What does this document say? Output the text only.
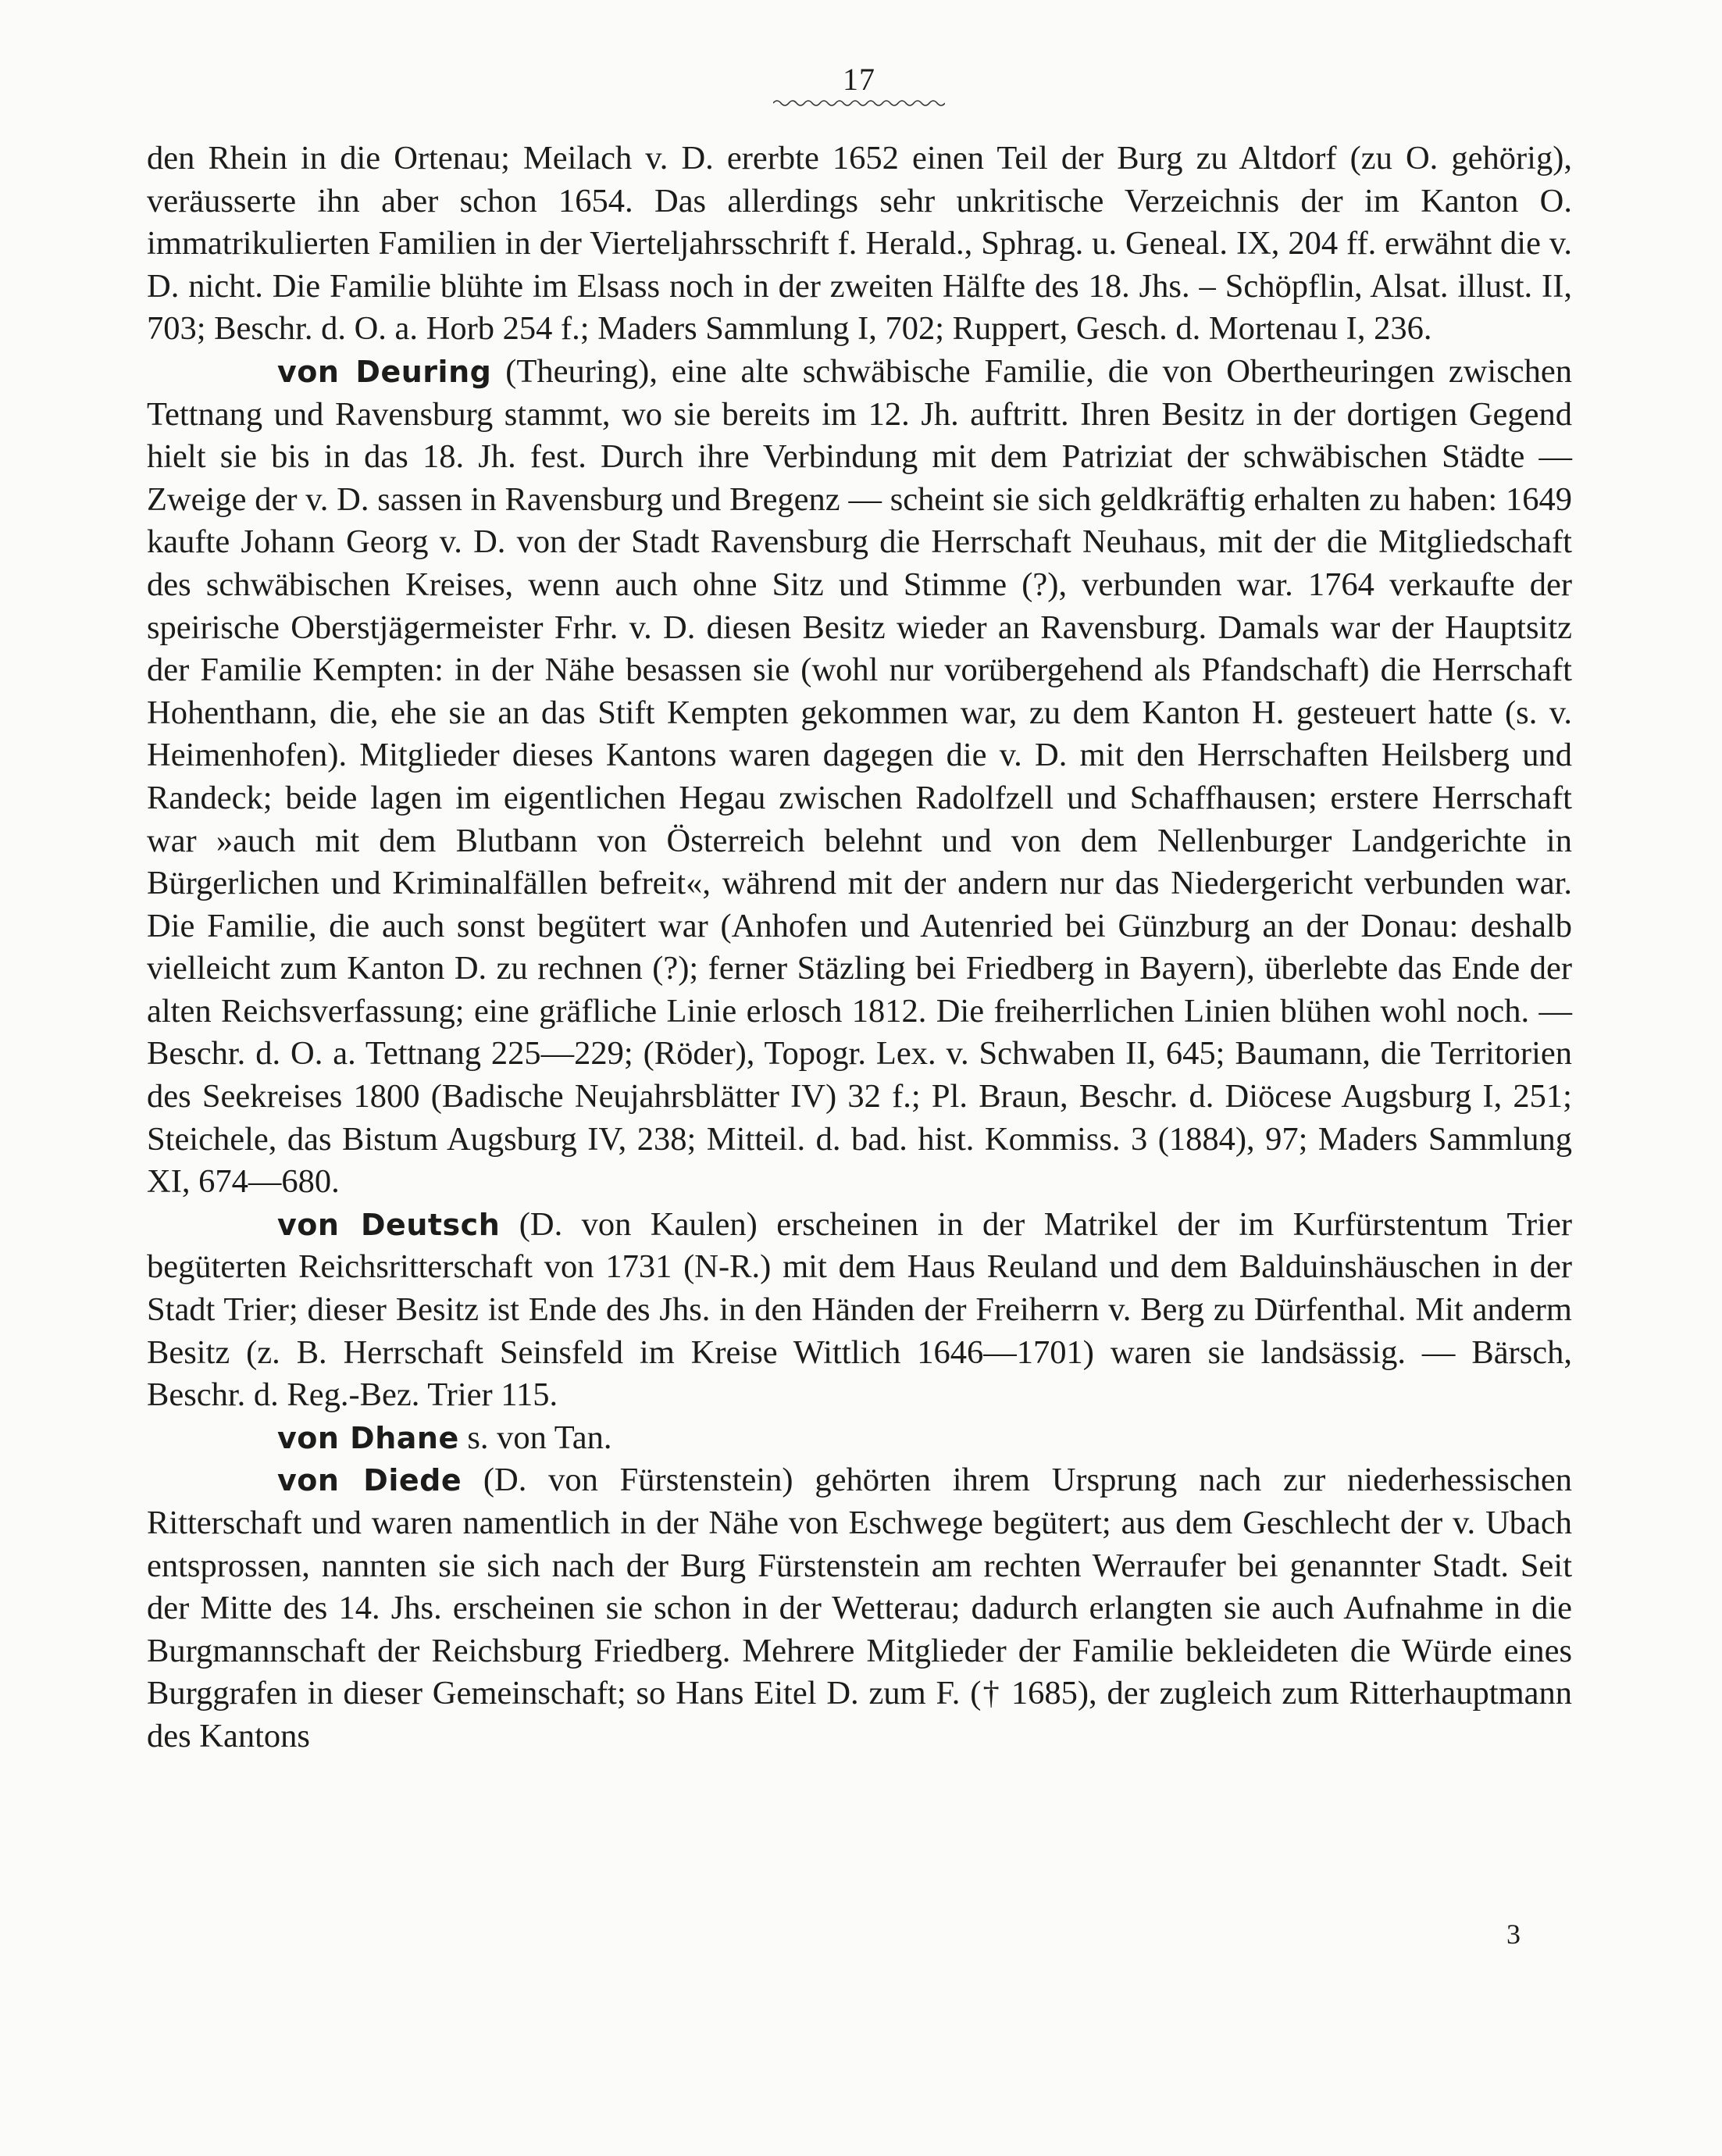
17

den Rhein in die Ortenau; Meilach v. D. ererbte 1652 einen Teil der Burg zu Altdorf (zu O. gehörig), veräusserte ihn aber schon 1654. Das allerdings sehr unkritische Verzeichnis der im Kanton O. immatrikulierten Familien in der Vierteljahrsschrift f. Herald., Sphrag. u. Geneal. IX, 204 ff. erwähnt die v. D. nicht. Die Familie blühte im Elsass noch in der zweiten Hälfte des 18. Jhs. – Schöpflin, Alsat. illust. II, 703; Beschr. d. O. a. Horb 254 f.; Maders Sammlung I, 702; Ruppert, Gesch. d. Mortenau I, 236.

von Deuring (Theuring), eine alte schwäbische Familie, die von Obertheuringen zwischen Tettnang und Ravensburg stammt, wo sie bereits im 12. Jh. auftritt. Ihren Besitz in der dortigen Gegend hielt sie bis in das 18. Jh. fest. Durch ihre Verbindung mit dem Patriziat der schwäbischen Städte — Zweige der v. D. sassen in Ravensburg und Bregenz — scheint sie sich geldkräftig erhalten zu haben: 1649 kaufte Johann Georg v. D. von der Stadt Ravensburg die Herrschaft Neuhaus, mit der die Mitgliedschaft des schwäbischen Kreises, wenn auch ohne Sitz und Stimme (?), verbunden war. 1764 verkaufte der speirische Oberstjägermeister Frhr. v. D. diesen Besitz wieder an Ravensburg. Damals war der Hauptsitz der Familie Kempten: in der Nähe besassen sie (wohl nur vorübergehend als Pfandschaft) die Herrschaft Hohenthann, die, ehe sie an das Stift Kempten gekommen war, zu dem Kanton H. gesteuert hatte (s. v. Heimenhofen). Mitglieder dieses Kantons waren dagegen die v. D. mit den Herrschaften Heilsberg und Randeck; beide lagen im eigentlichen Hegau zwischen Radolfzell und Schaffhausen; erstere Herrschaft war »auch mit dem Blutbann von Österreich belehnt und von dem Nellenburger Landgerichte in Bürgerlichen und Kriminalfällen befreit«, während mit der andern nur das Niedergericht verbunden war. Die Familie, die auch sonst begütert war (Anhofen und Autenried bei Günzburg an der Donau: deshalb vielleicht zum Kanton D. zu rechnen (?); ferner Stäzling bei Friedberg in Bayern), überlebte das Ende der alten Reichsverfassung; eine gräfliche Linie erlosch 1812. Die freiherrlichen Linien blühen wohl noch. — Beschr. d. O. a. Tettnang 225—229; (Röder), Topogr. Lex. v. Schwaben II, 645; Baumann, die Territorien des Seekreises 1800 (Badische Neujahrsblätter IV) 32 f.; Pl. Braun, Beschr. d. Diöcese Augsburg I, 251; Steichele, das Bistum Augsburg IV, 238; Mitteil. d. bad. hist. Kommiss. 3 (1884), 97; Maders Sammlung XI, 674—680.

von Deutsch (D. von Kaulen) erscheinen in der Matrikel der im Kurfürstentum Trier begüterten Reichsritterschaft von 1731 (N-R.) mit dem Haus Reuland und dem Balduinshäuschen in der Stadt Trier; dieser Besitz ist Ende des Jhs. in den Händen der Freiherrn v. Berg zu Dürfenthal. Mit anderm Besitz (z. B. Herrschaft Seinsfeld im Kreise Wittlich 1646—1701) waren sie landsässig. — Bärsch, Beschr. d. Reg.-Bez. Trier 115.

von Dhane s. von Tan.

von Diede (D. von Fürstenstein) gehörten ihrem Ursprung nach zur niederhessischen Ritterschaft und waren namentlich in der Nähe von Eschwege begütert; aus dem Geschlecht der v. Ubach entsprossen, nannten sie sich nach der Burg Fürstenstein am rechten Werraufer bei genannter Stadt. Seit der Mitte des 14. Jhs. erscheinen sie schon in der Wetterau; dadurch erlangten sie auch Aufnahme in die Burgmannschaft der Reichsburg Friedberg. Mehrere Mitglieder der Familie bekleideten die Würde eines Burggrafen in dieser Gemeinschaft; so Hans Eitel D. zum F. († 1685), der zugleich zum Ritterhauptmann des Kantons

3
